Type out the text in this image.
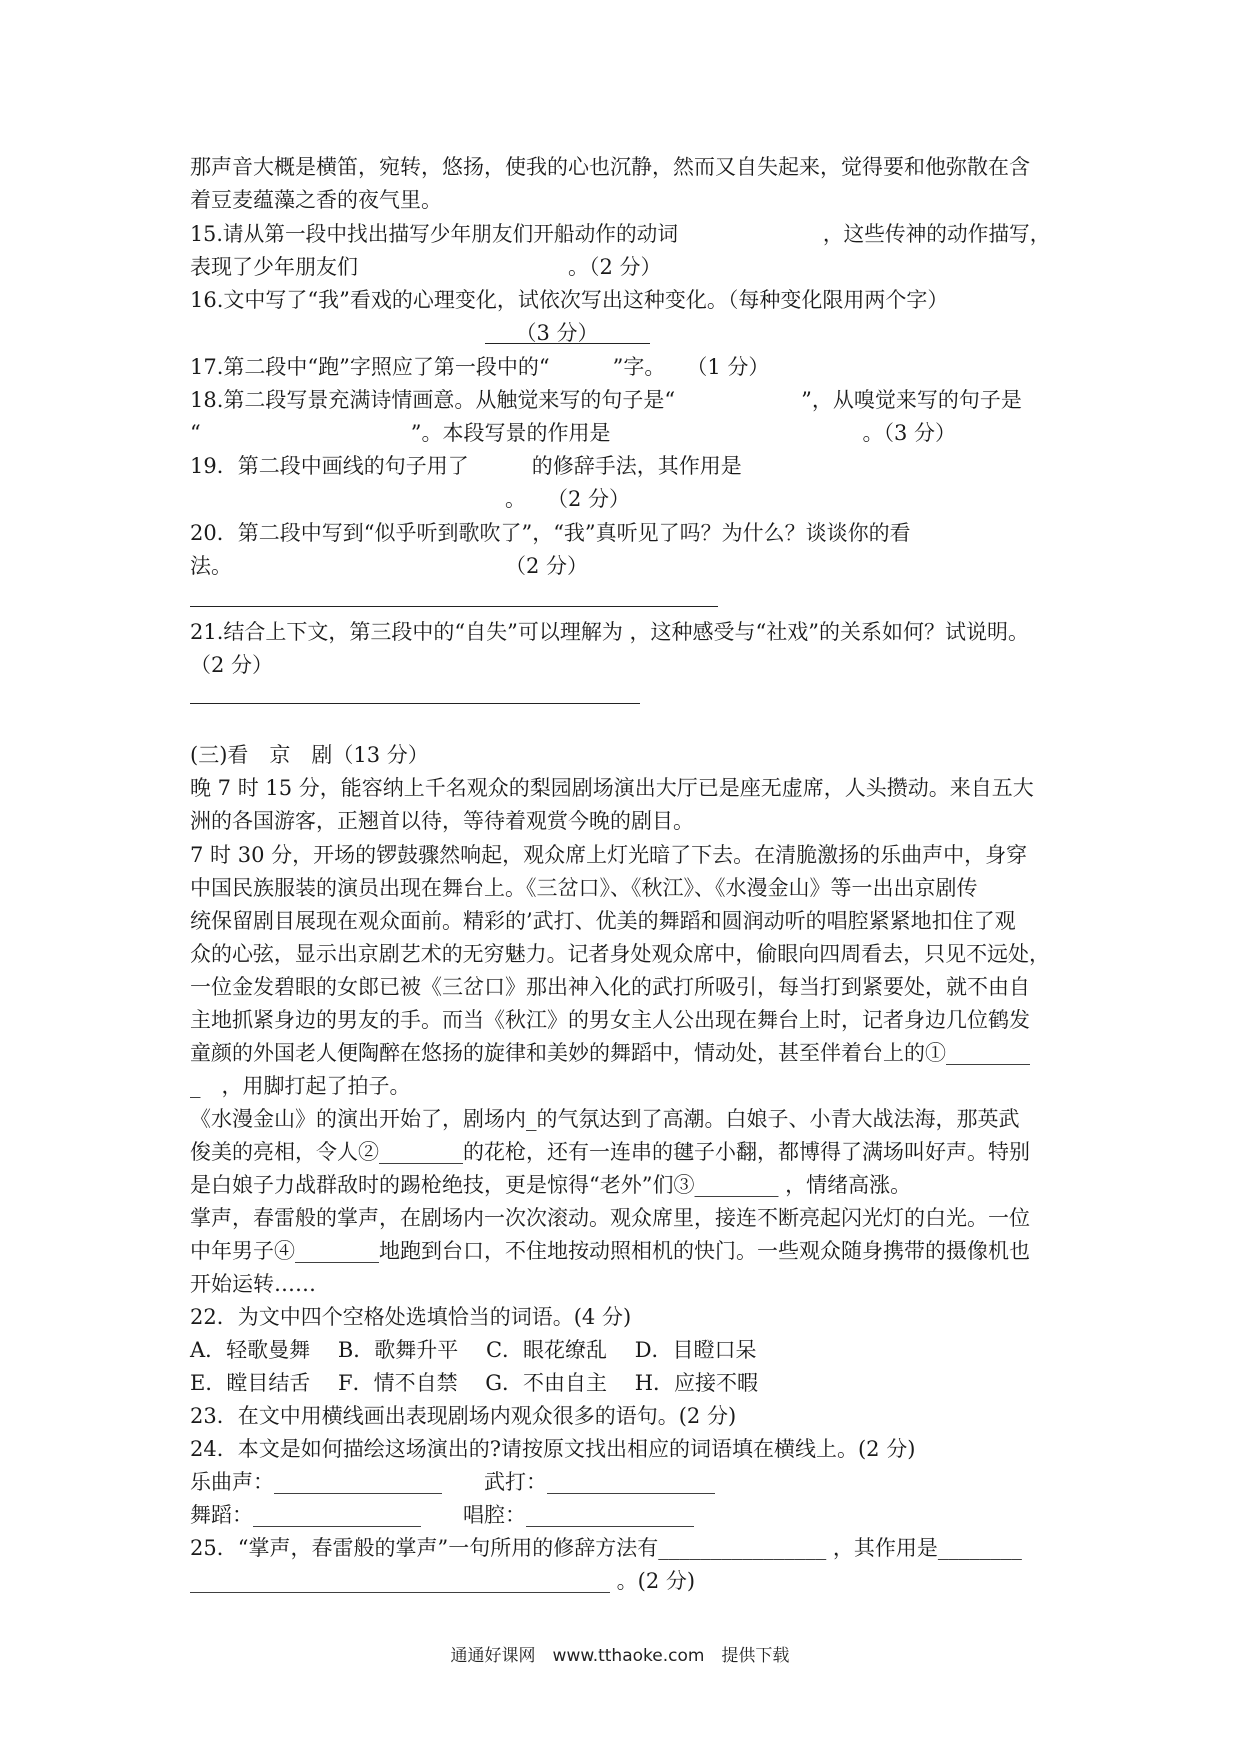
那声音大概是横笛，宛转，悠扬，使我的心也沉静，然而又自失起来，觉得要和他弥散在含

着豆麦蕴藻之香的夜气里。

15.请从第一段中找出描写少年朋友们开船动作的动词　　　　　　　，这些传神的动作描写，

表现了少年朋友们　　　　　　　　　　。（2 分）

16.文中写了“我”看戏的心理变化，试依次写出这种变化。（每种变化限用两个字）

　　　　　　　　　　　　　　　　（3 分）

17.第二段中“跑”字照应了第一段中的“　　　”字。　　（1 分）

18.第二段写景充满诗情画意。从触觉来写的句子是“　　　　　　”，从嗅觉来写的句子是

“　　　　　　　　　　”。本段写景的作用是　　　　　　　　　　　　。（3 分）

19．第二段中画线的句子用了　　　的修辞手法，其作用是

　　　　　　　　　　　　　　　。　　（2 分）

20．第二段中写到“似乎听到歌吹了”，“我”真听见了吗？为什么？谈谈你的看

法。　　　　　　　　　　　　　　（2 分）

21.结合上下文，第三段中的“自失”可以理解为 ，这种感受与“社戏”的关系如何？试说明。

（2 分）

(三)看　京　剧（13 分）

晚 7 时 15 分，能容纳上千名观众的梨园剧场演出大厅已是座无虚席，人头攒动。来自五大

洲的各国游客，正翘首以待，等待着观赏今晚的剧目。

7 时 30 分，开场的锣鼓骤然响起，观众席上灯光暗了下去。在清脆激扬的乐曲声中，身穿

中国民族服装的演员出现在舞台上。《三岔口》、《秋江》、《水漫金山》等一出出京剧传

统保留剧目展现在观众面前。精彩的’武打、优美的舞蹈和圆润动听的唱腔紧紧地扣住了观

众的心弦，显示出京剧艺术的无穷魅力。记者身处观众席中，偷眼向四周看去，只见不远处，

一位金发碧眼的女郎已被《三岔口》那出神入化的武打所吸引，每当打到紧要处，就不由自

主地抓紧身边的男友的手。而当《秋江》的男女主人公出现在舞台上时，记者身边几位鹤发

童颜的外国老人便陶醉在悠扬的旋律和美妙的舞蹈中，情动处，甚至伴着台上的①________

_　，用脚打起了拍子。

《水漫金山》的演出开始了，剧场内_的气氛达到了高潮。白娘子、小青大战法海，那英武

俊美的亮相，令人②________的花枪，还有一连串的毽子小翻，都博得了满场叫好声。特别

是白娘子力战群敌时的踢枪绝技，更是惊得“老外”们③________ ，情绪高涨。

掌声，春雷般的掌声，在剧场内一次次滚动。观众席里，接连不断亮起闪光灯的白光。一位

中年男子④________地跑到台口，不住地按动照相机的快门。一些观众随身携带的摄像机也

开始运转……

22．为文中四个空格处选填恰当的词语。(4 分)

A．轻歌曼舞　 B．歌舞升平　 C．眼花缭乱　 D．目瞪口呆

E．瞠目结舌　 F．情不自禁　 G．不由自主　 H．应接不暇

23．在文中用横线画出表现剧场内观众很多的语句。(2 分)

24．本文是如何描绘这场演出的?请按原文找出相应的词语填在横线上。(2 分)

乐曲声：________________　　武打：________________

舞蹈：________________　　唱腔：________________

25．“掌声，春雷般的掌声”一句所用的修辞方法有________________ ，其作用是________

________________________________________ 。(2 分)

通通好课网　www.tthaoke.com　提供下载
